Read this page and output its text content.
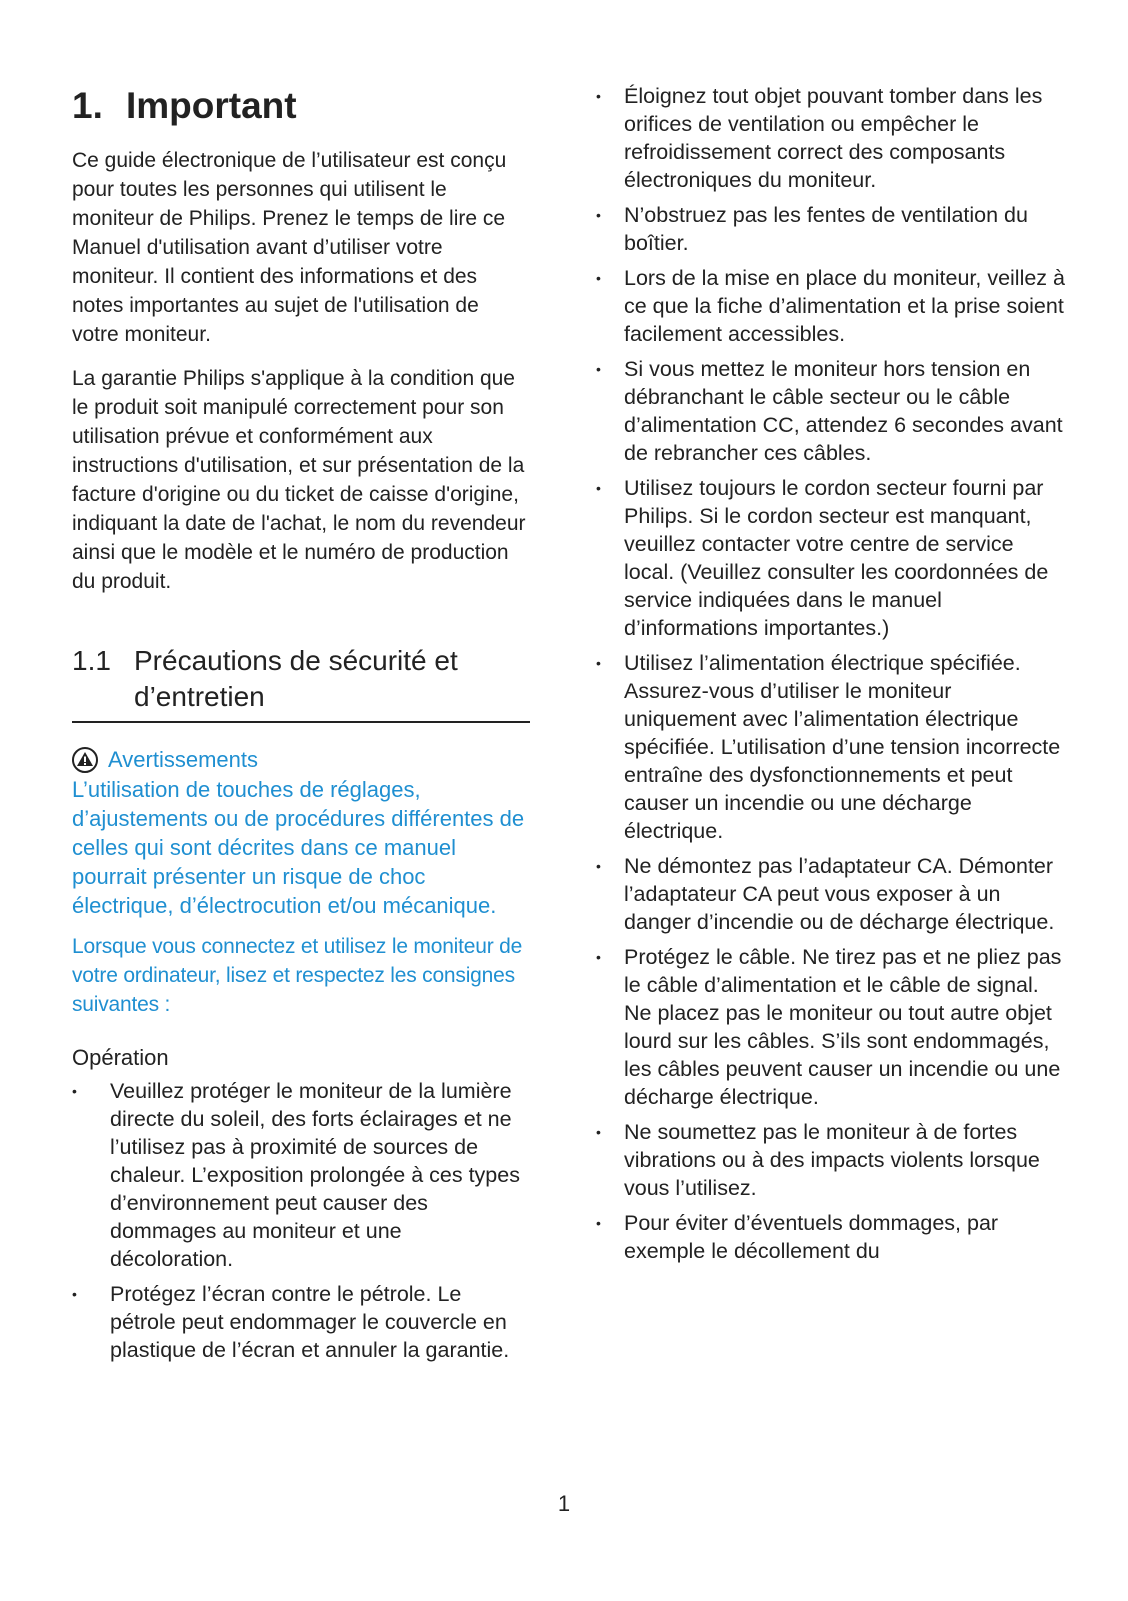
1. Important

Ce guide électronique de l’utilisateur est conçu pour toutes les personnes qui utilisent le moniteur de Philips. Prenez le temps de lire ce Manuel d'utilisation avant d’utiliser votre moniteur. Il contient des informations et des notes importantes au sujet de l'utilisation de votre moniteur.

La garantie Philips s'applique à la condition que le produit soit manipulé correctement pour son utilisation prévue et conformément aux instructions d'utilisation, et sur présentation de la facture d'origine ou du ticket de caisse d'origine, indiquant la date de l'achat, le nom du revendeur ainsi que le modèle et le numéro de production du produit.

1.1 Précautions de sécurité et d’entretien
Avertissements

L’utilisation de touches de réglages, d’ajustements ou de procédures différentes de celles qui sont décrites dans ce manuel pourrait présenter un risque de choc électrique, d’électrocution et/ou mécanique.

Lorsque vous connectez et utilisez le moniteur de votre ordinateur, lisez et respectez les consignes suivantes :

Opération
• Veuillez protéger le moniteur de la lumière directe du soleil, des forts éclairages et ne l’utilisez pas à proximité de sources de chaleur. L’exposition prolongée à ces types d’environnement peut causer des dommages au moniteur et une décoloration.
• Protégez l’écran contre le pétrole. Le pétrole peut endommager le couvercle en plastique de l’écran et annuler la garantie.
• Éloignez tout objet pouvant tomber dans les orifices de ventilation ou empêcher le refroidissement correct des composants électroniques du moniteur.
• N’obstruez pas les fentes de ventilation du boîtier.
• Lors de la mise en place du moniteur, veillez à ce que la fiche d’alimentation et la prise soient facilement accessibles.
• Si vous mettez le moniteur hors tension en débranchant le câble secteur ou le câble d’alimentation CC, attendez 6 secondes avant de rebrancher ces câbles.
• Utilisez toujours le cordon secteur fourni par Philips. Si le cordon secteur est manquant, veuillez contacter votre centre de service local. (Veuillez consulter les coordonnées de service indiquées dans le manuel d’informations importantes.)
• Utilisez l’alimentation électrique spécifiée. Assurez-vous d’utiliser le moniteur uniquement avec l’alimentation électrique spécifiée. L’utilisation d’une tension incorrecte entraîne des dysfonctionnements et peut causer un incendie ou une décharge électrique.
• Ne démontez pas l’adaptateur CA. Démonter l’adaptateur CA peut vous exposer à un danger d’incendie ou de décharge électrique.
• Protégez le câble. Ne tirez pas et ne pliez pas le câble d’alimentation et le câble de signal. Ne placez pas le moniteur ou tout autre objet lourd sur les câbles. S’ils sont endommagés, les câbles peuvent causer un incendie ou une décharge électrique.
• Ne soumettez pas le moniteur à de fortes vibrations ou à des impacts violents lorsque vous l’utilisez.
• Pour éviter d’éventuels dommages, par exemple le décollement du
1
